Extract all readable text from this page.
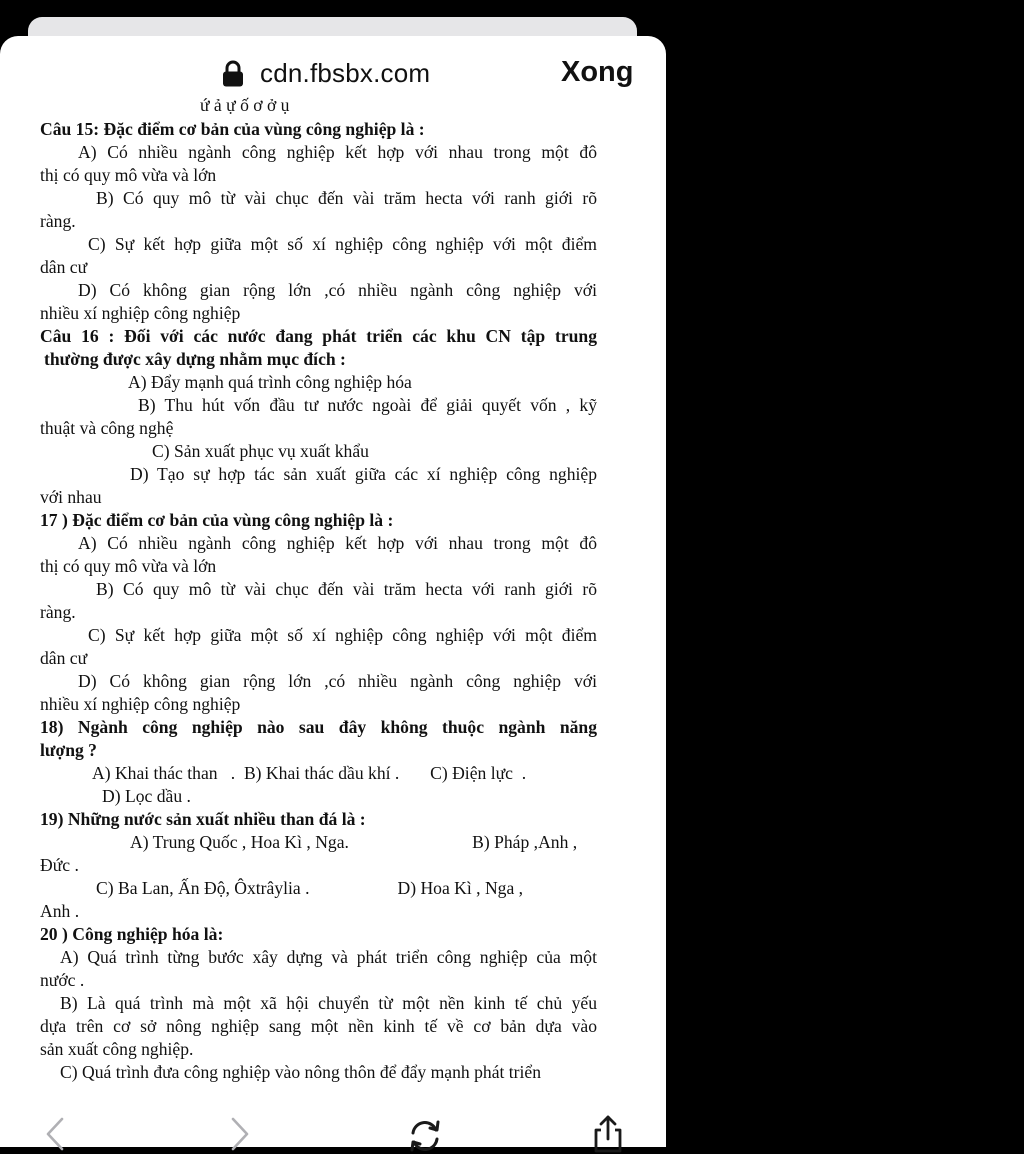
cdn.fbsbx.com	Xong
ứ ả ự ố ơ ở ụ
Câu 15: Đặc điểm cơ bản của vùng công nghiệp là :
A) Có nhiều ngành công nghiệp kết hợp với nhau trong một đô
thị có quy mô vừa và lớn
B) Có quy mô từ vài chục đến vài trăm hecta với ranh giới rõ
ràng.
C) Sự kết hợp giữa một số xí nghiệp công nghiệp với một điểm
dân cư
D) Có không gian rộng lớn ,có nhiều ngành công nghiệp với
nhiều xí nghiệp công nghiệp
Câu 16 : Đối với các nước đang phát triển các khu CN tập trung
thường được xây dựng nhằm mục đích :
A) Đẩy mạnh quá trình công nghiệp hóa
B) Thu hút vốn đầu tư nước ngoài để giải quyết vốn , kỹ
thuật và công nghệ
C) Sản xuất phục vụ xuất khẩu
D) Tạo sự hợp tác sản xuất giữa các xí nghiệp công nghiệp
với nhau
17 ) Đặc điểm cơ bản của vùng công nghiệp là :
A) Có nhiều ngành công nghiệp kết hợp với nhau trong một đô
thị có quy mô vừa và lớn
B) Có quy mô từ vài chục đến vài trăm hecta với ranh giới rõ
ràng.
C) Sự kết hợp giữa một số xí nghiệp công nghiệp với một điểm
dân cư
D) Có không gian rộng lớn ,có nhiều ngành công nghiệp với
nhiều xí nghiệp công nghiệp
18) Ngành công nghiệp nào sau đây không thuộc ngành năng
lượng ?
A) Khai thác than   .  B) Khai thác dầu khí .       C) Điện lực  .
D) Lọc dầu .
19) Những nước sản xuất nhiều than đá là :
A) Trung Quốc , Hoa Kì , Nga.                            B) Pháp ,Anh ,
Đức .
C) Ba Lan, Ấn Độ, Ôxtrâylia .                    D) Hoa Kì , Nga ,
Anh .
20 ) Công nghiệp hóa là:
A) Quá trình từng bước xây dựng và phát triển công nghiệp của một
nước .
B) Là quá trình mà một xã hội chuyển từ một nền kinh tế chủ yếu
dựa trên cơ sở nông nghiệp sang một nền kinh tế về cơ bản dựa vào
sản xuất công nghiệp.
C) Quá trình đưa công nghiệp vào nông thôn để đẩy mạnh phát triển
